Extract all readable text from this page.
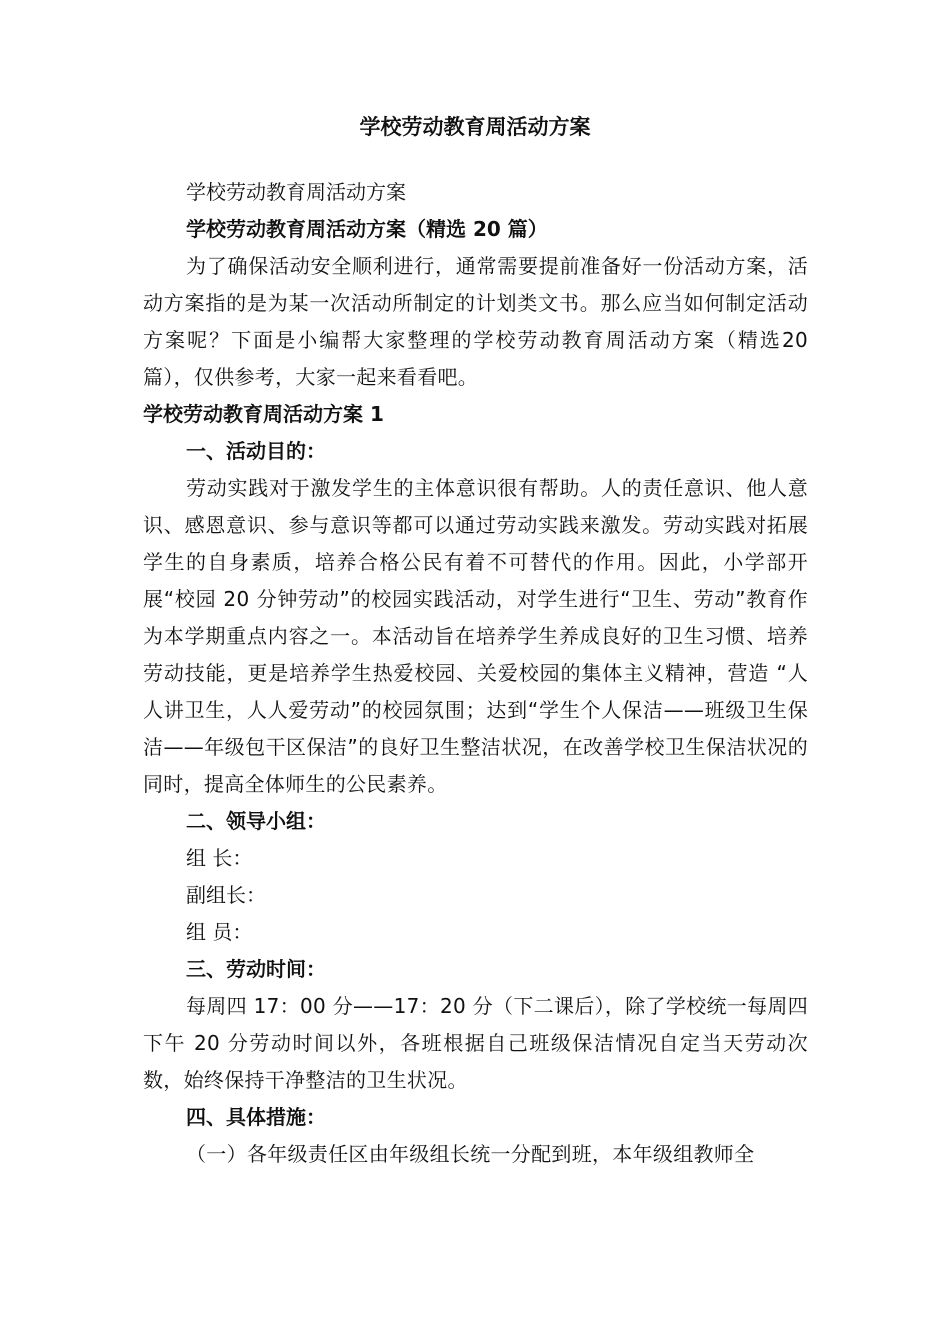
学校劳动教育周活动方案

学校劳动教育周活动方案

学校劳动教育周活动方案（精选 20 篇）

为了确保活动安全顺利进行，通常需要提前准备好一份活动方案，活动方案指的是为某一次活动所制定的计划类文书。那么应当如何制定活动方案呢？下面是小编帮大家整理的学校劳动教育周活动方案（精选20 篇），仅供参考，大家一起来看看吧。

学校劳动教育周活动方案 1

一、活动目的：

劳动实践对于激发学生的主体意识很有帮助。人的责任意识、他人意识、感恩意识、参与意识等都可以通过劳动实践来激发。劳动实践对拓展学生的自身素质，培养合格公民有着不可替代的作用。因此，小学部开展“校园 20 分钟劳动”的校园实践活动，对学生进行“卫生、劳动”教育作为本学期重点内容之一。本活动旨在培养学生养成良好的卫生习惯、培养劳动技能，更是培养学生热爱校园、关爱校园的集体主义精神，营造 “人人讲卫生，人人爱劳动”的校园氛围；达到“学生个人保洁——班级卫生保洁——年级包干区保洁”的良好卫生整洁状况，在改善学校卫生保洁状况的同时，提高全体师生的公民素养。

二、领导小组：

组 长：

副组长：

组 员：

三、劳动时间：

每周四 17：00 分——17：20 分（下二课后），除了学校统一每周四下午 20 分劳动时间以外，各班根据自己班级保洁情况自定当天劳动次数，始终保持干净整洁的卫生状况。

四、具体措施：

（一）各年级责任区由年级组长统一分配到班，本年级组教师全
